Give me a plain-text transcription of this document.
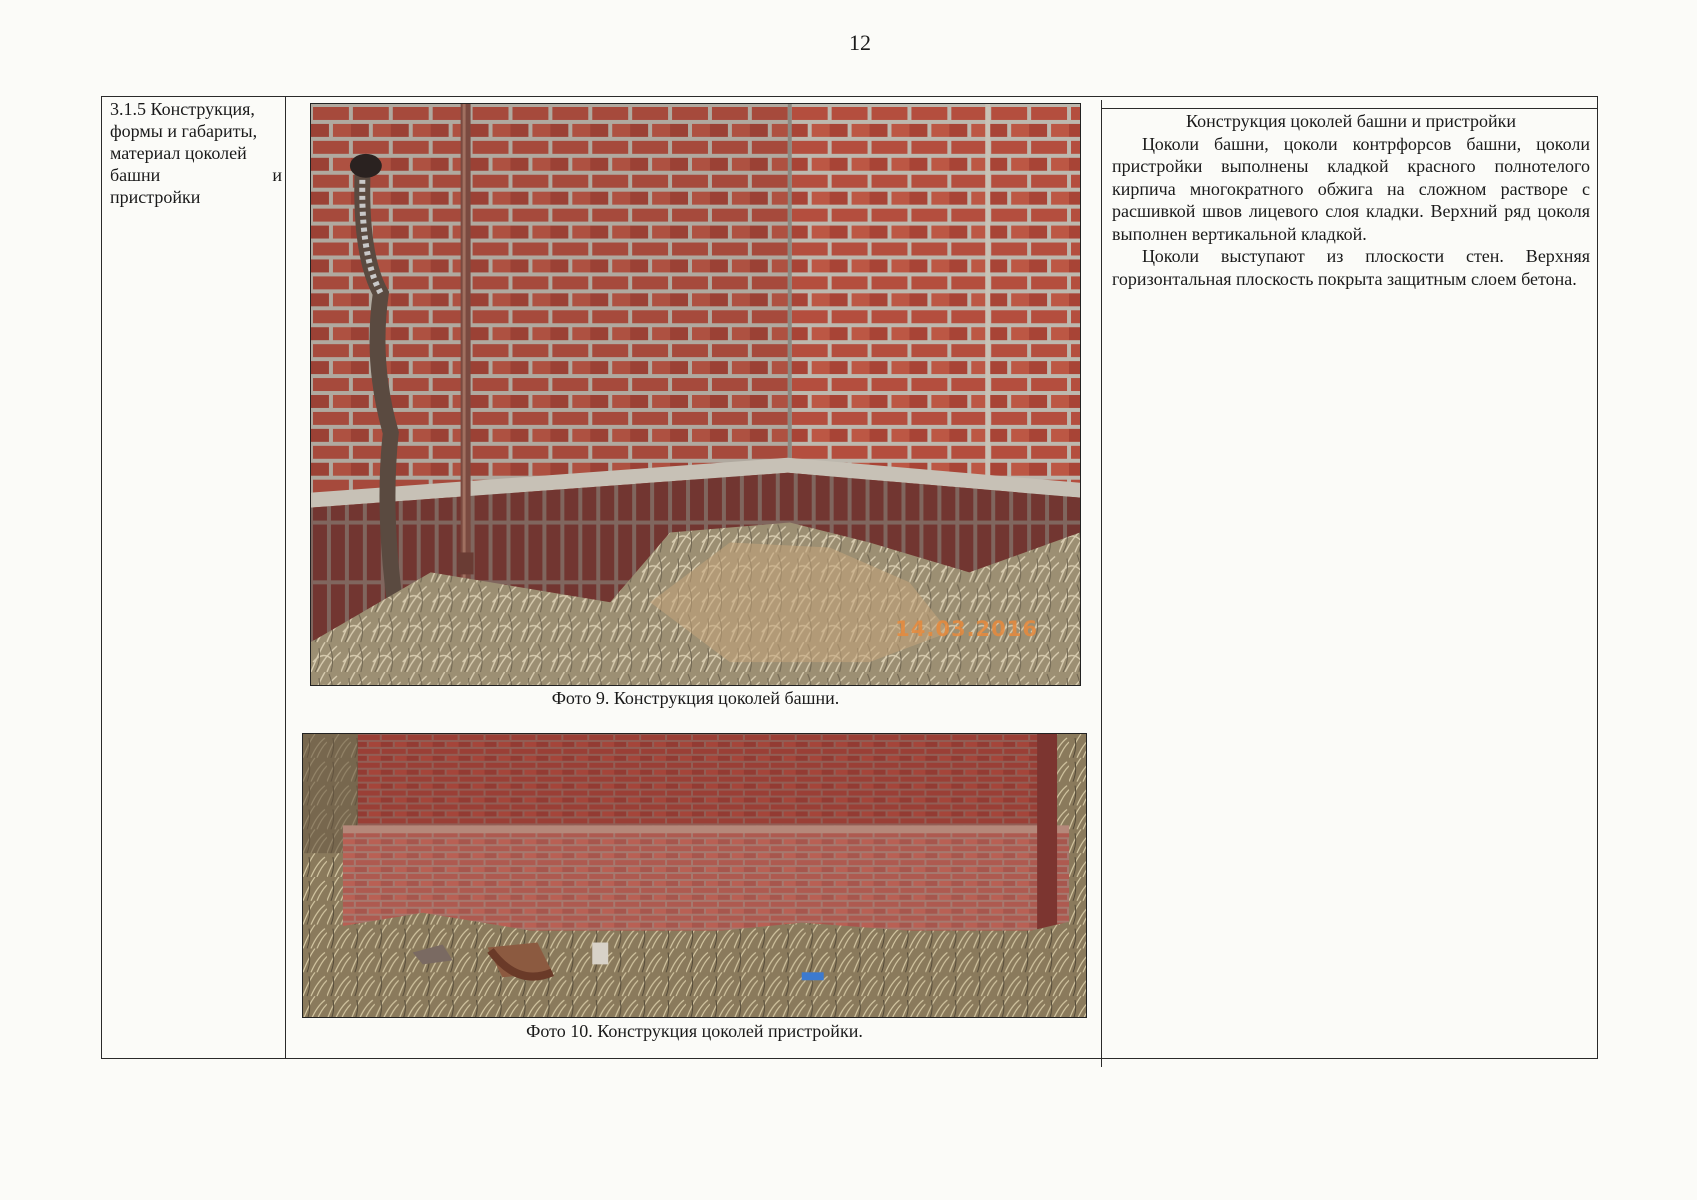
12
3.1.5 Конструкция,
формы и габариты,
материал цоколей
башни	и
пристройки
14.03.2016
Фото 9. Конструкция цоколей башни.
Фото 10. Конструкция цоколей пристройки.
Конструкция цоколей башни и пристройки

Цоколи башни, цоколи контрфорсов башни, цоколи пристройки выполнены кладкой красного полнотелого кирпича многократного обжига на сложном растворе с расшивкой швов лицевого слоя кладки. Верхний ряд цоколя выполнен вертикальной кладкой.

Цоколи выступают из плоскости стен. Верхняя горизонтальная плоскость покрыта защитным слоем бетона.
